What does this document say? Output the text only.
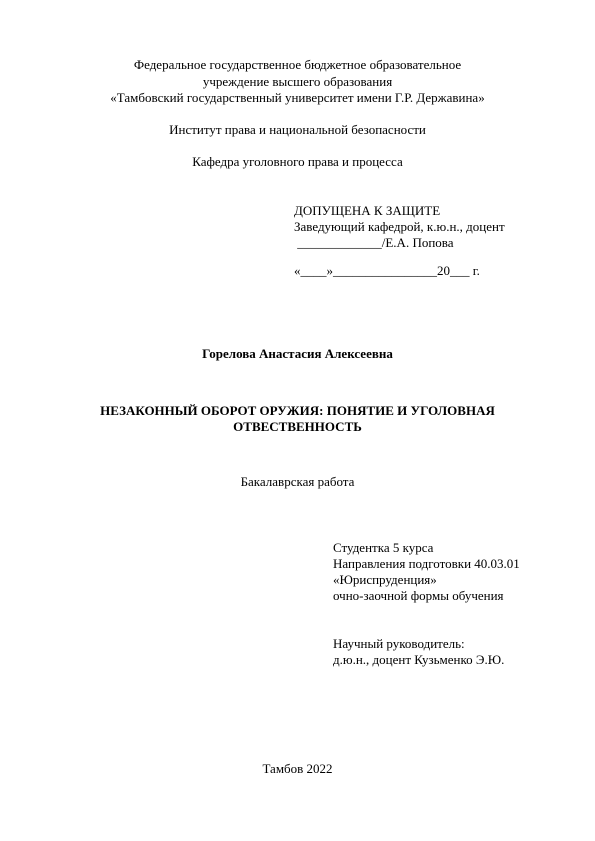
Федеральное государственное бюджетное образовательное
учреждение высшего образования
«Тамбовский государственный университет имени Г.Р. Державина»
Институт права и национальной безопасности
Кафедра уголовного права и процесса
ДОПУЩЕНА К ЗАЩИТЕ
Заведующий кафедрой, к.ю.н., доцент
_____________/Е.А. Попова
«____»________________20___ г.
Горелова Анастасия Алексеевна
НЕЗАКОННЫЙ ОБОРОТ ОРУЖИЯ: ПОНЯТИЕ И УГОЛОВНАЯ
ОТВЕСТВЕННОСТЬ
Бакалаврская работа
Студентка 5 курса
Направления подготовки 40.03.01
«Юриспруденция»
очно-заочной формы обучения
Научный руководитель:
д.ю.н., доцент Кузьменко Э.Ю.
Тамбов 2022
